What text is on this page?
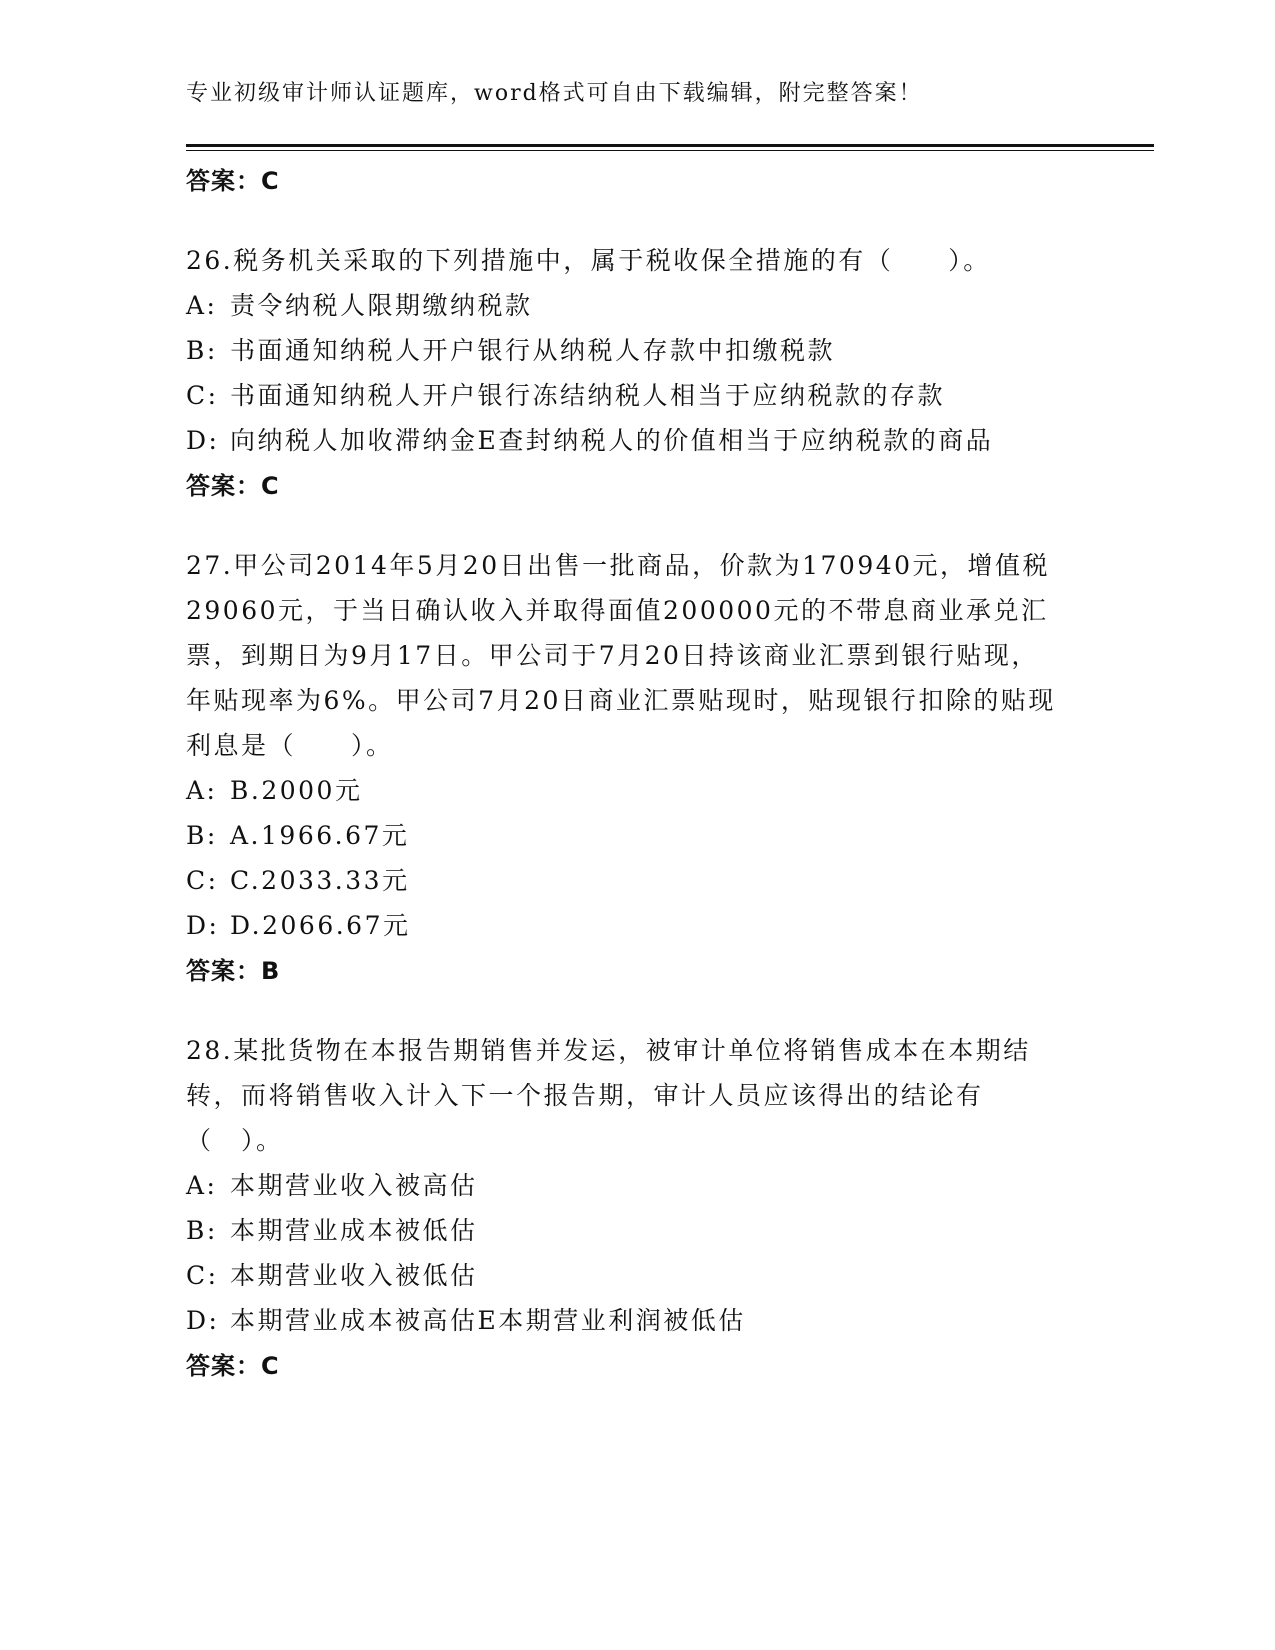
专业初级审计师认证题库，word格式可自由下载编辑，附完整答案！
答案：C
26.税务机关采取的下列措施中，属于税收保全措施的有（　　）。
A: 责令纳税人限期缴纳税款
B: 书面通知纳税人开户银行从纳税人存款中扣缴税款
C: 书面通知纳税人开户银行冻结纳税人相当于应纳税款的存款
D: 向纳税人加收滞纳金E查封纳税人的价值相当于应纳税款的商品
答案：C
27.甲公司2014年5月20日出售一批商品，价款为170940元，增值税29060元，于当日确认收入并取得面值200000元的不带息商业承兑汇票，到期日为9月17日。甲公司于7月20日持该商业汇票到银行贴现，年贴现率为6%。甲公司7月20日商业汇票贴现时，贴现银行扣除的贴现利息是（　　）。
A: B.2000元
B: A.1966.67元
C: C.2033.33元
D: D.2066.67元
答案：B
28.某批货物在本报告期销售并发运，被审计单位将销售成本在本期结转，而将销售收入计入下一个报告期，审计人员应该得出的结论有（　）。
A: 本期营业收入被高估
B: 本期营业成本被低估
C: 本期营业收入被低估
D: 本期营业成本被高估E本期营业利润被低估
答案：C
